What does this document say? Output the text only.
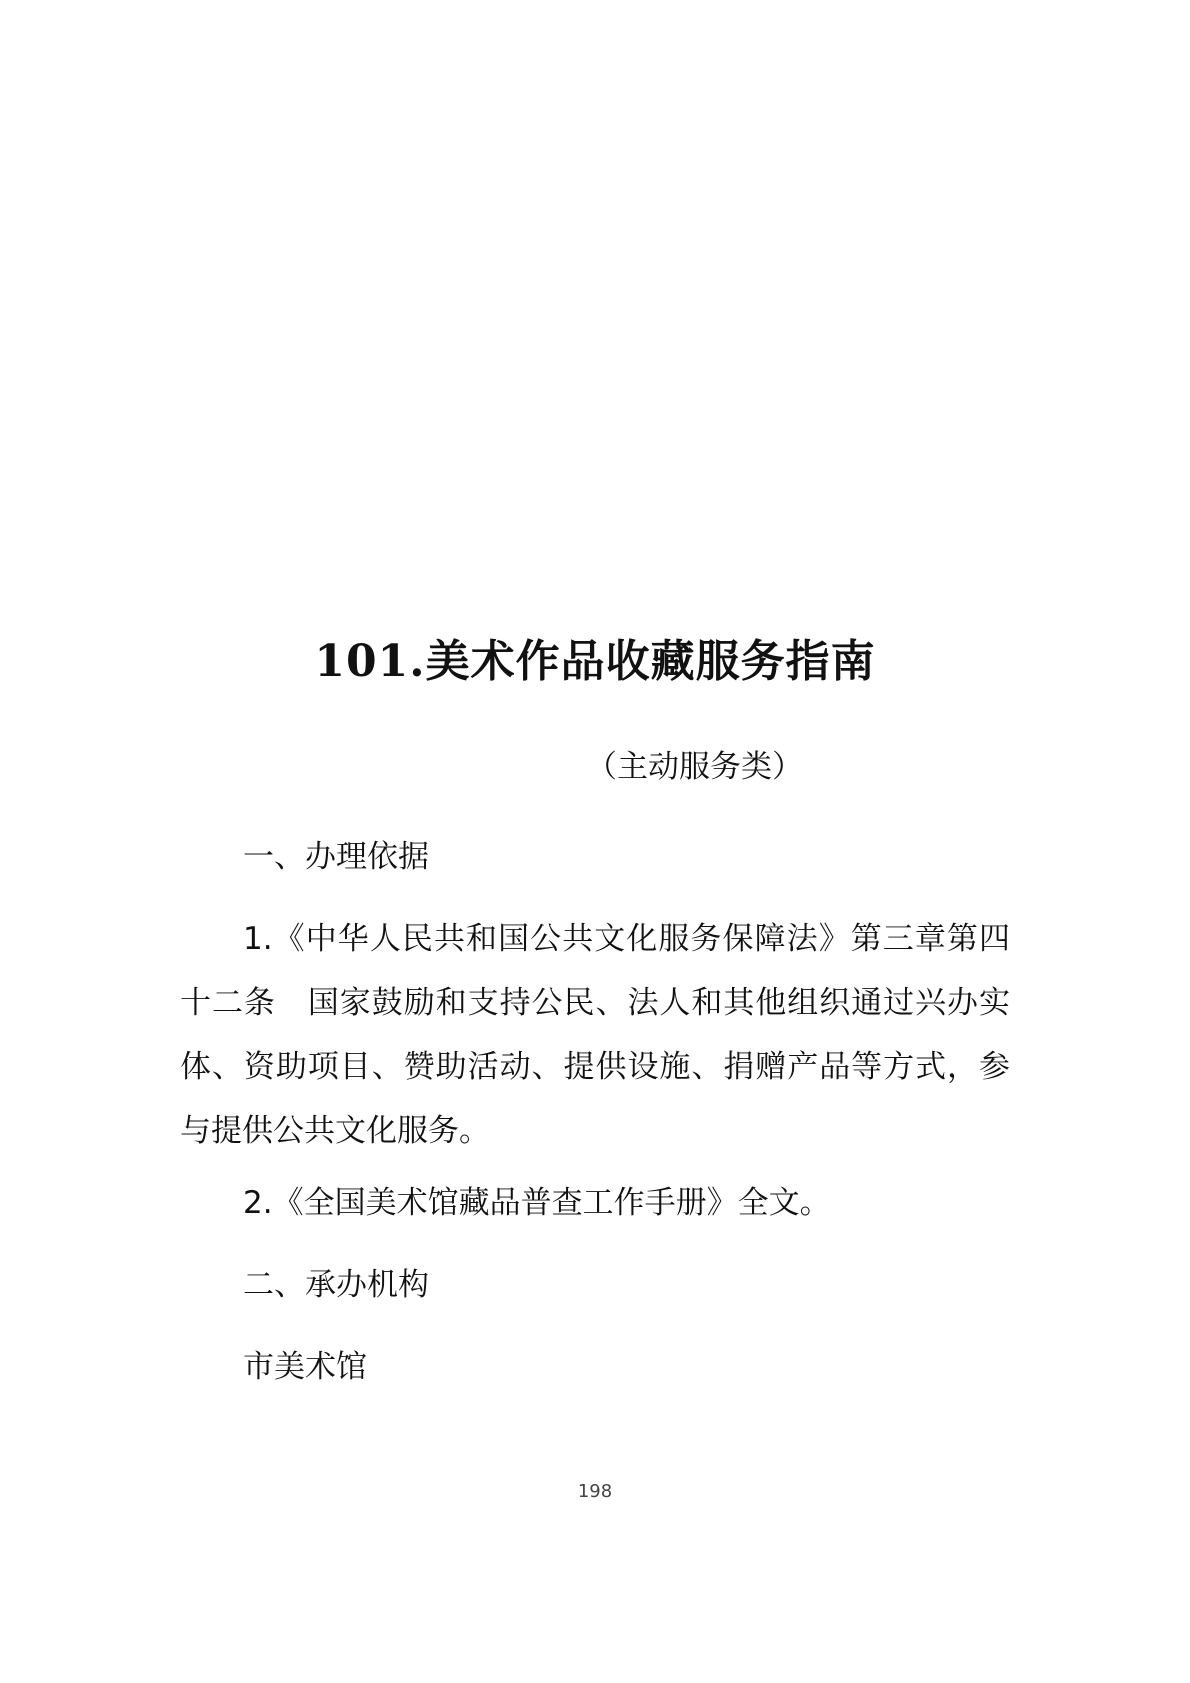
101.美术作品收藏服务指南
（主动服务类）
一、办理依据
1.《中华人民共和国公共文化服务保障法》第三章第四十二条　国家鼓励和支持公民、法人和其他组织通过兴办实体、资助项目、赞助活动、提供设施、捐赠产品等方式，参与提供公共文化服务。
2.《全国美术馆藏品普查工作手册》全文。
二、承办机构
市美术馆
198
